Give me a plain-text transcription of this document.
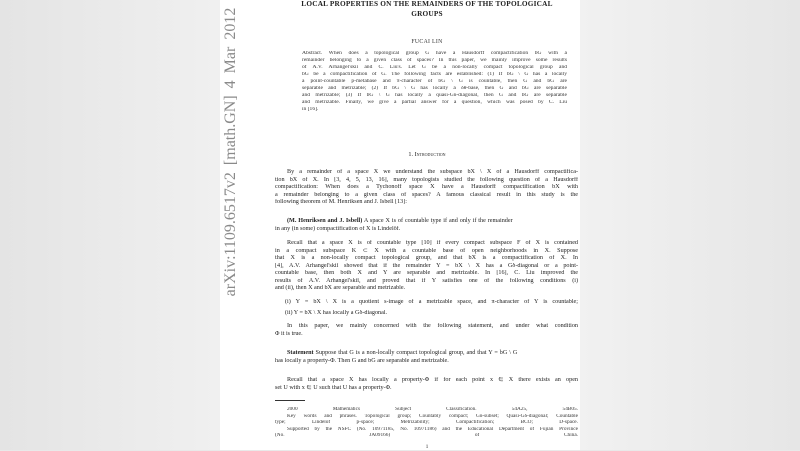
arXiv:1109.6517v2 [math.GN] 4 Mar 2012
LOCAL PROPERTIES ON THE REMAINDERS OF THE TOPOLOGICAL
GROUPS
FUCAI LIN
Abstract. When does a topological group G have a Hausdorff compactification bG with a
remainder belonging to a given class of spaces? In this paper, we mainly improve some results
of A.V. Arhangel'skiǐ and C. Liu's. Let G be a non-locally compact topological group and
bG be a compactification of G. The following facts are established: (1) If bG \ G has a locally
a point-countable p-metabase and π-character of bG \ G is countable, then G and bG are
separable and metrizable; (2) If bG \ G has locally a δθ-base, then G and bG are separable
and metrizable; (3) If bG \ G has locally a quasi-Gδ-diagonal, then G and bG are separable
and metrizable. Finally, we give a partial answer for a question, which was posed by C. Liu
in [16].
1. Introduction
By a remainder of a space X we understand the subspace bX \ X of a Hausdorff compactifica-
tion bX of X. In [3, 4, 5, 13, 16], many topologists studied the following question of a Hausdorff
compactification: When does a Tychonoff space X have a Hausdorff compactification bX with
a remainder belonging to a given class of spaces? A famous classical result in this study is the
following theorem of M. Henriksen and J. Isbell [13]:
(M. Henriksen and J. Isbell) A space X is of countable type if and only if the remainder
in any (in some) compactification of X is Lindelöf.
Recall that a space X is of countable type [10] if every compact subspace F of X is contained
in a compact subspace K ⊂ X with a countable base of open neighborhoods in X. Suppose
that X is a non-locally compact topological group, and that bX is a compactification of X. In
[4], A.V. Arhangel'skiǐ showed that if the remainder Y = bX \ X has a Gδ-diagonal or a point-
countable base, then both X and Y are separable and metrizable. In [16], C. Liu improved the
results of A.V. Arhangel'skiǐ, and proved that if Y satisfies one of the following conditions (i)
and (ii), then X and bX are separable and metrizable.
(i) Y = bX \ X is a quotient s-image of a metrizable space, and π-character of Y is countable;
(ii) Y = bX \ X has locally a Gδ-diagonal.
In this paper, we mainly concerned with the following statement, and under what condition
Φ it is true.
Statement Suppose that G is a non-locally compact topological group, and that Y = bG \ G
has locally a property-Φ. Then G and bG are separable and metrizable.
Recall that a space X has locally a property-Φ if for each point x ∈ X there exists an open
set U with x ∈ U such that U has a property-Φ.
2000 Mathematics Subject Classification. 54A25, 54B05.
Key words and phrases. Topological group; Countably compact; Gδ-subset; Quasi-Gδ-diagonal; Countable
type; Lindelöf p-space; Metrizability; Compactification; BCO; D-space.
Supported by the NSFC (No. 10971185, No. 10971186) and the Educational Department of Fujian Province
(No. JA09166) of China.
1
